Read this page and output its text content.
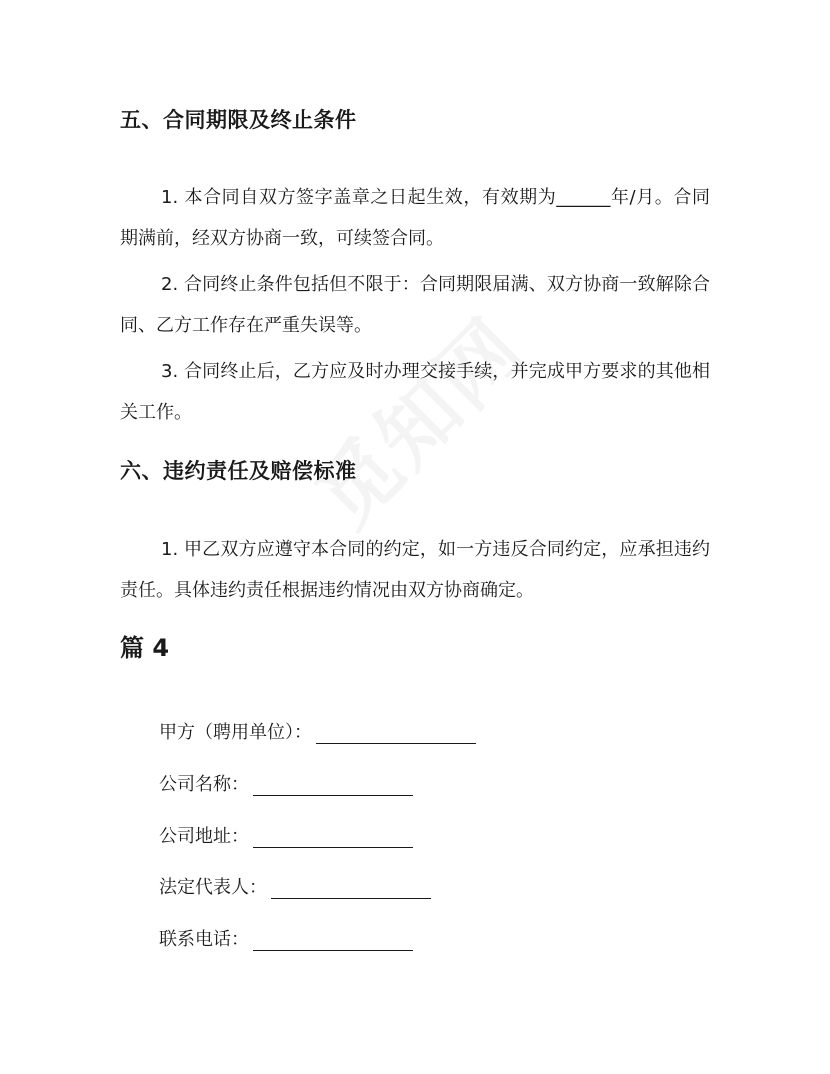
五、合同期限及终止条件
1. 本合同自双方签字盖章之日起生效，有效期为______年/月。合同期满前，经双方协商一致，可续签合同。
2. 合同终止条件包括但不限于：合同期限届满、双方协商一致解除合同、乙方工作存在严重失误等。
3. 合同终止后，乙方应及时办理交接手续，并完成甲方要求的其他相关工作。
六、违约责任及赔偿标准
1. 甲乙双方应遵守本合同的约定，如一方违反合同约定，应承担违约责任。具体违约责任根据违约情况由双方协商确定。
篇 4
甲方（聘用单位）：
公司名称：
公司地址：
法定代表人：
联系电话：
